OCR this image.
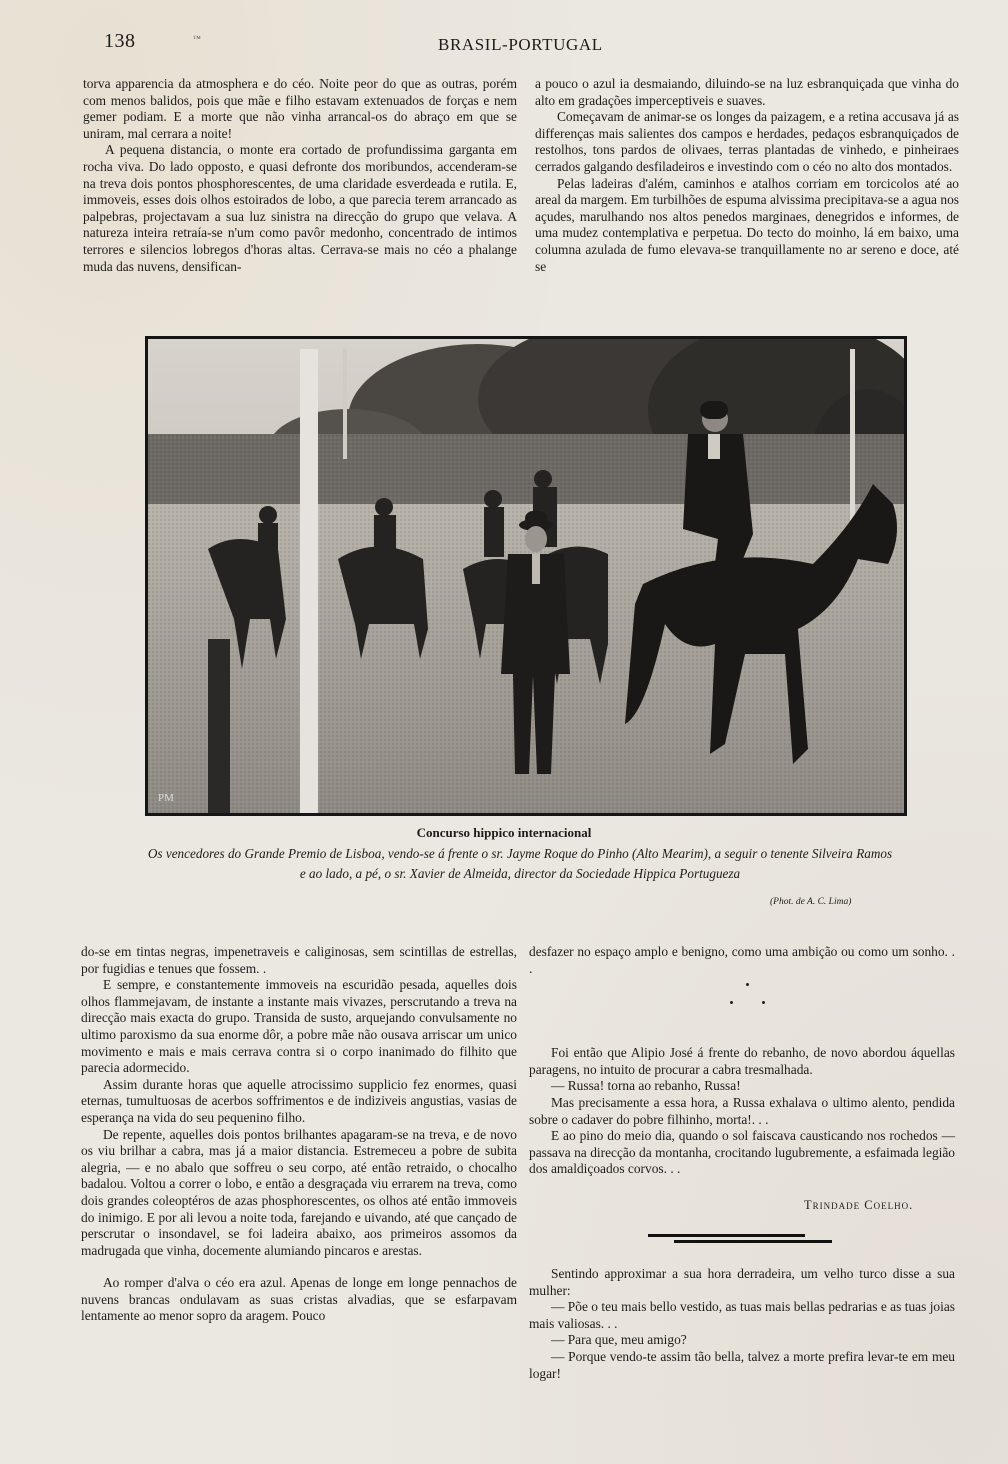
138	™	BRASIL-PORTUGAL

torva apparencia da atmosphera e do céo. Noite peor do que as outras, porém com menos balidos, pois que mãe e filho estavam extenuados de forças e nem gemer podiam. E a morte que não vinha arrancal-os do abraço em que se uniram, mal cerrara a noite!

A pequena distancia, o monte era cortado de profundissima garganta em rocha viva. Do lado opposto, e quasi defronte dos moribundos, accenderam-se na treva dois pontos phosphorescentes, de uma claridade esverdeada e rutila. E, immoveis, esses dois olhos estoirados de lobo, a que parecia terem arrancado as palpebras, projectavam a sua luz sinistra na direcção do grupo que velava. A natureza inteira retraía-se n'um como pavôr medonho, concentrado de intimos terrores e silencios lobregos d'horas altas. Cerrava-se mais no céo a phalange muda das nuvens, densifican-

a pouco o azul ia desmaiando, diluindo-se na luz esbranquiçada que vinha do alto em gradações imperceptiveis e suaves.

Começavam de animar-se os longes da paizagem, e a retina accusava já as differenças mais salientes dos campos e herdades, pedaços esbranquiçados de restolhos, tons pardos de olivaes, terras plantadas de vinhedo, e pinheiraes cerrados galgando desfiladeiros e investindo com o céo no alto dos montados.

Pelas ladeiras d'além, caminhos e atalhos corriam em torcicolos até ao areal da margem. Em turbilhões de espuma alvissima precipitava-se a agua nos açudes, marulhando nos altos penedos marginaes, denegridos e informes, de uma mudez contemplativa e perpetua. Do tecto do moinho, lá em baixo, uma columna azulada de fumo elevava-se tranquillamente no ar sereno e doce, até se

PM
Concurso hippico internacional
Os vencedores do Grande Premio de Lisboa, vendo-se á frente o sr. Jayme Roque do Pinho (Alto Mearim), a seguir o tenente Silveira Ramos
e ao lado, a pé, o sr. Xavier de Almeida, director da Sociedade Hippica Portugueza
(Phot. de A. C. Lima)

do-se em tintas negras, impenetraveis e caliginosas, sem scintillas de estrellas, por fugidias e tenues que fossem. .

E sempre, e constantemente immoveis na escuridão pesada, aquelles dois olhos flammejavam, de instante a instante mais vivazes, perscrutando a treva na direcção mais exacta do grupo. Transida de susto, arquejando convulsamente no ultimo paroxismo da sua enorme dôr, a pobre mãe não ousava arriscar um unico movimento e mais e mais cerrava contra si o corpo inanimado do filhito que parecia adormecido.

Assim durante horas que aquelle atrocissimo supplicio fez enormes, quasi eternas, tumultuosas de acerbos soffrimentos e de indiziveis angustias, vasias de esperança na vida do seu pequenino filho.

De repente, aquelles dois pontos brilhantes apagaram-se na treva, e de novo os viu brilhar a cabra, mas já a maior distancia. Estremeceu a pobre de subita alegria, — e no abalo que soffreu o seu corpo, até então retraido, o chocalho badalou. Voltou a correr o lobo, e então a desgraçada viu errarem na treva, como dois grandes coleoptéros de azas phosphorescentes, os olhos até então immoveis do inimigo. E por ali levou a noite toda, farejando e uivando, até que cançado de perscrutar o insondavel, se foi ladeira abaixo, aos primeiros assomos da madrugada que vinha, docemente alumiando pincaros e arestas.

Ao romper d'alva o céo era azul. Apenas de longe em longe pennachos de nuvens brancas ondulavam as suas cristas alvadias, que se esfarpavam lentamente ao menor sopro da aragem. Pouco

desfazer no espaço amplo e benigno, como uma ambição ou como um sonho. . .

Foi então que Alipio José á frente do rebanho, de novo abordou áquellas paragens, no intuito de procurar a cabra tresmalhada.

— Russa! torna ao rebanho, Russa!

Mas precisamente a essa hora, a Russa exhalava o ultimo alento, pendida sobre o cadaver do pobre filhinho, morta!. . .

E ao pino do meio dia, quando o sol faiscava causticando nos rochedos — passava na direcção da montanha, crocitando lugubremente, a esfaimada legião dos amaldiçoados corvos. . .

Sentindo approximar a sua hora derradeira, um velho turco disse a sua mulher:

— Põe o teu mais bello vestido, as tuas mais bellas pedrarias e as tuas joias mais valiosas. . .

— Para que, meu amigo?

— Porque vendo-te assim tão bella, talvez a morte prefira levar-te em meu logar!

Trindade Coelho.
